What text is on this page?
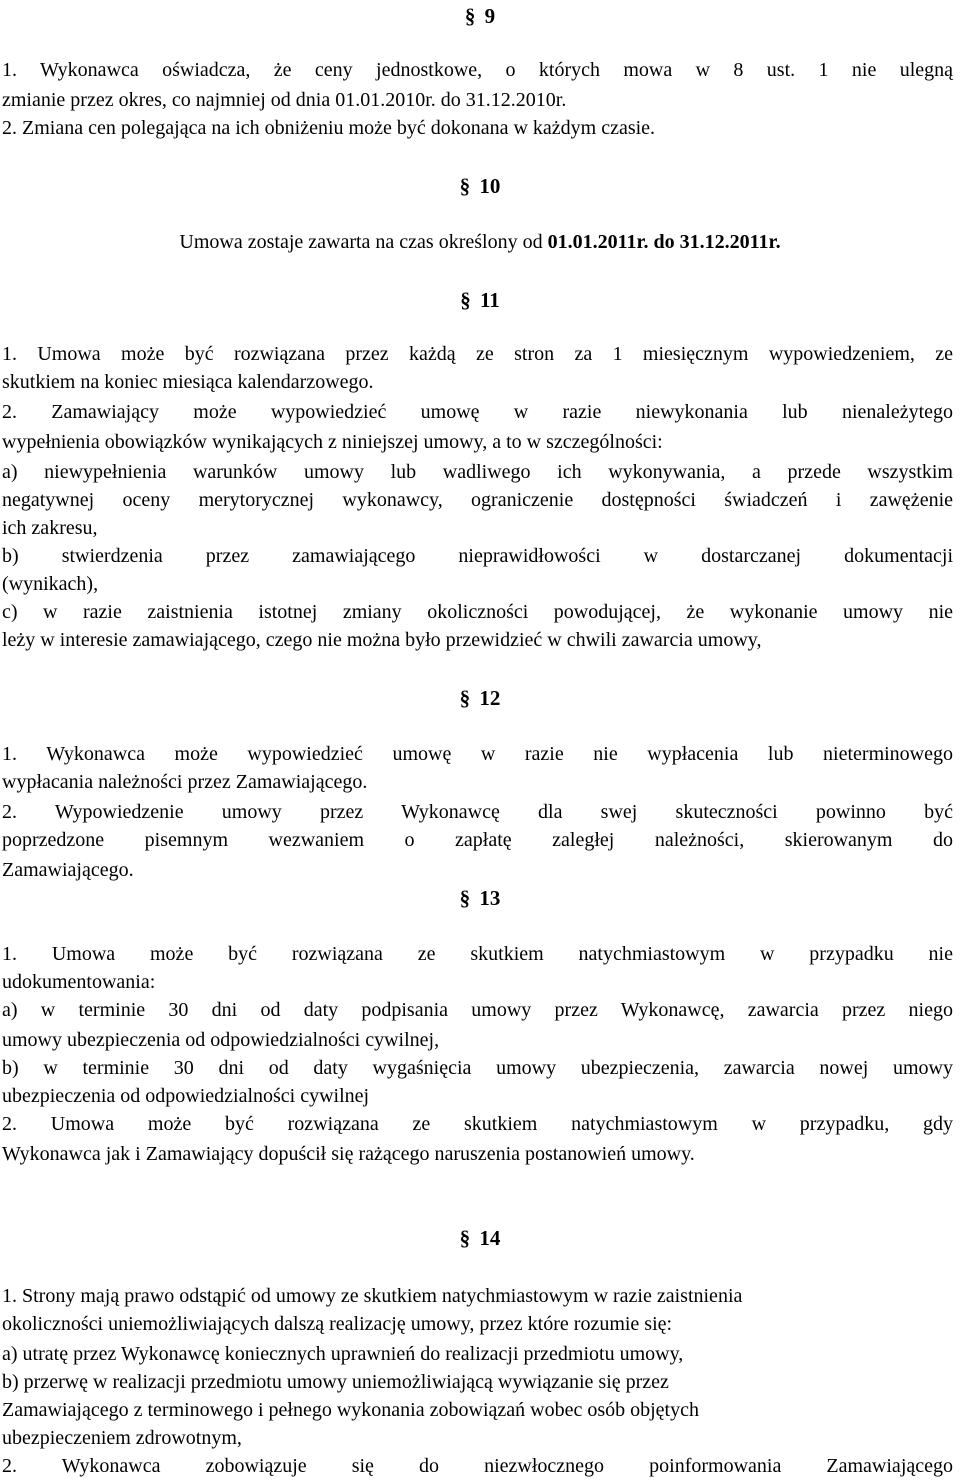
§ 9
1. Wykonawca oświadcza, że ceny jednostkowe, o których mowa w 8 ust. 1 nie ulegną
zmianie przez okres, co najmniej od dnia 01.01.2010r. do 31.12.2010r.
2. Zmiana cen polegająca na ich obniżeniu może być dokonana w każdym czasie.
§ 10
Umowa zostaje zawarta na czas określony od 01.01.2011r. do 31.12.2011r.
§ 11
1. Umowa może być rozwiązana przez każdą ze stron za 1 miesięcznym wypowiedzeniem, ze
skutkiem na koniec miesiąca kalendarzowego.
2. Zamawiający może wypowiedzieć umowę w razie niewykonania lub nienależytego
wypełnienia obowiązków wynikających z niniejszej umowy, a to w szczególności:
a) niewypełnienia warunków umowy lub wadliwego ich wykonywania, a przede wszystkim
negatywnej oceny merytorycznej wykonawcy, ograniczenie dostępności świadczeń i zawężenie
ich zakresu,
b) stwierdzenia przez zamawiającego nieprawidłowości w dostarczanej dokumentacji
(wynikach),
c) w razie zaistnienia istotnej zmiany okoliczności powodującej, że wykonanie umowy nie
leży w interesie zamawiającego, czego nie można było przewidzieć w chwili zawarcia umowy,
§ 12
1. Wykonawca może wypowiedzieć umowę w razie nie wypłacenia lub nieterminowego
wypłacania należności przez Zamawiającego.
2. Wypowiedzenie umowy przez Wykonawcę dla swej skuteczności powinno być
poprzedzone pisemnym wezwaniem o zapłatę zaległej należności, skierowanym do
Zamawiającego.
§ 13
1. Umowa może być rozwiązana ze skutkiem natychmiastowym w przypadku nie
udokumentowania:
a) w terminie 30 dni od daty podpisania umowy przez Wykonawcę, zawarcia przez niego
umowy ubezpieczenia od odpowiedzialności cywilnej,
b) w terminie 30 dni od daty wygaśnięcia umowy ubezpieczenia, zawarcia nowej umowy
ubezpieczenia od odpowiedzialności cywilnej
2. Umowa może być rozwiązana ze skutkiem natychmiastowym w przypadku, gdy
Wykonawca jak i Zamawiający dopuścił się rażącego naruszenia postanowień umowy.
§ 14
1. Strony mają prawo odstąpić od umowy ze skutkiem natychmiastowym w razie zaistnienia
okoliczności uniemożliwiających dalszą realizację umowy, przez które rozumie się:
a) utratę przez Wykonawcę koniecznych uprawnień do realizacji przedmiotu umowy,
b) przerwę w realizacji przedmiotu umowy uniemożliwiającą wywiązanie się przez
Zamawiającego z terminowego i pełnego wykonania zobowiązań wobec osób objętych
ubezpieczeniem zdrowotnym,
2. Wykonawca zobowiązuje się do niezwłocznego poinformowania Zamawiającego
